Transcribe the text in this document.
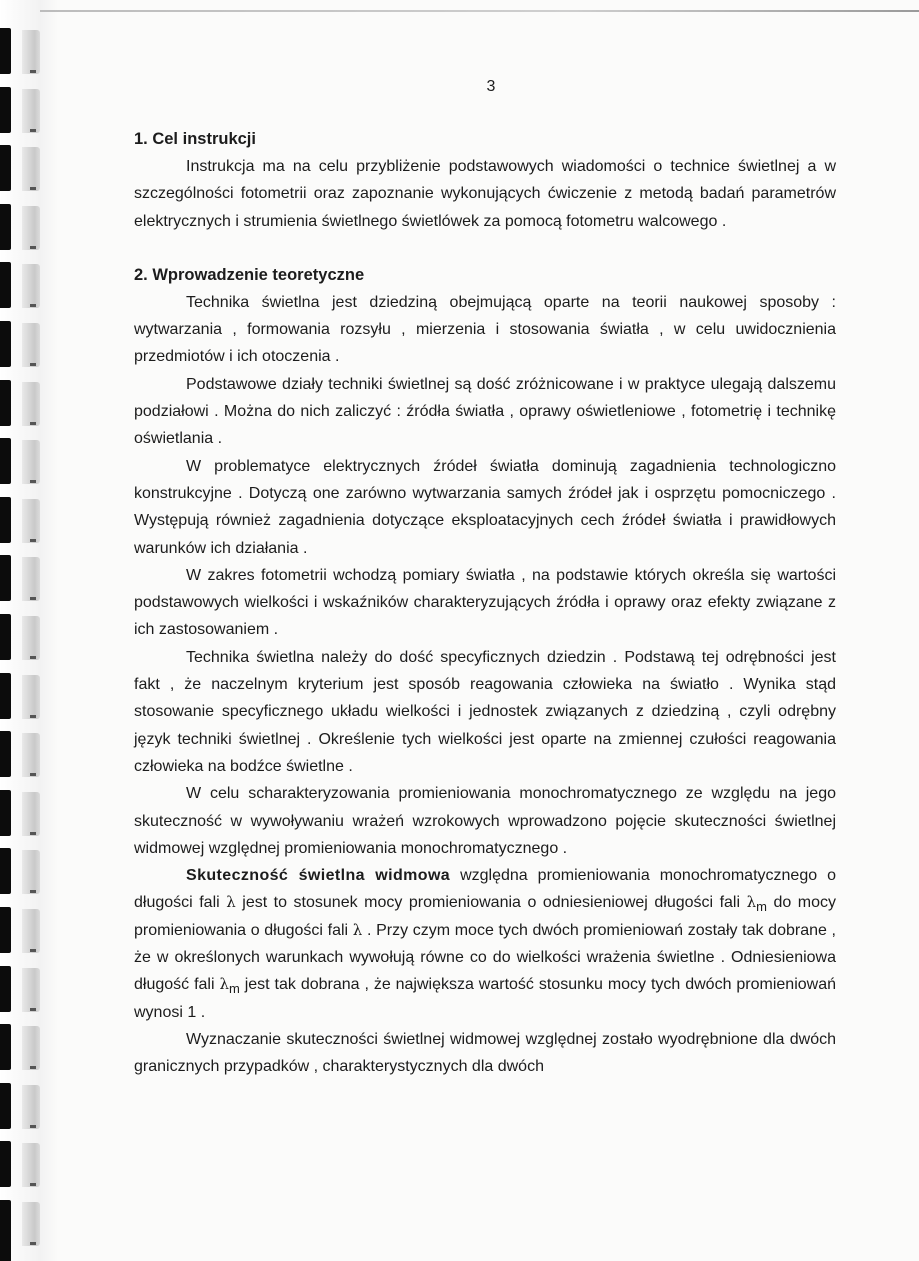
3
1. Cel instrukcji

Instrukcja ma na celu przybliżenie podstawowych wiadomości o technice świetlnej a w szczególności fotometrii oraz zapoznanie wykonujących ćwiczenie z metodą badań parametrów elektrycznych i strumienia świetlnego świetlówek za pomocą fotometru walcowego .

2. Wprowadzenie teoretyczne

Technika świetlna jest dziedziną obejmującą oparte na teorii naukowej sposoby : wytwarzania , formowania rozsyłu , mierzenia i stosowania światła , w celu uwidocznienia przedmiotów i ich otoczenia .

Podstawowe działy techniki świetlnej są dość zróżnicowane i w praktyce ulegają dalszemu podziałowi . Można do nich zaliczyć : źródła światła , oprawy oświetleniowe , fotometrię i technikę oświetlania .

W problematyce elektrycznych źródeł światła dominują zagadnienia technologiczno konstrukcyjne . Dotyczą one zarówno wytwarzania samych źródeł jak i osprzętu pomocniczego . Występują również zagadnienia dotyczące eksploatacyjnych cech źródeł światła i prawidłowych warunków ich działania .

W zakres fotometrii wchodzą pomiary światła , na podstawie których określa się wartości podstawowych wielkości i wskaźników charakteryzujących źródła i oprawy oraz efekty związane z ich zastosowaniem .

Technika świetlna należy do dość specyficznych dziedzin . Podstawą tej odrębności jest fakt , że naczelnym kryterium jest sposób reagowania człowieka na światło . Wynika stąd stosowanie specyficznego układu wielkości i jednostek związanych z dziedziną , czyli odrębny język techniki świetlnej . Określenie tych wielkości jest oparte na zmiennej czułości reagowania człowieka na bodźce świetlne .

W celu scharakteryzowania promieniowania monochromatycznego ze względu na jego skuteczność w wywoływaniu wrażeń wzrokowych wprowadzono pojęcie skuteczności świetlnej widmowej względnej promieniowania monochromatycznego .

Skuteczność świetlna widmowa względna promieniowania monochromatycznego o długości fali λ jest to stosunek mocy promieniowania o odniesieniowej długości fali $\lambda_m$ do mocy promieniowania o długości fali λ . Przy czym moce tych dwóch promieniowań zostały tak dobrane , że w określonych warunkach wywołują równe co do wielkości wrażenia świetlne . Odniesieniowa długość fali $\lambda_m$ jest tak dobrana , że największa wartość stosunku mocy tych dwóch promieniowań wynosi 1 .

Wyznaczanie skuteczności świetlnej widmowej względnej zostało wyodrębnione dla dwóch granicznych przypadków , charakterystycznych dla dwóch
